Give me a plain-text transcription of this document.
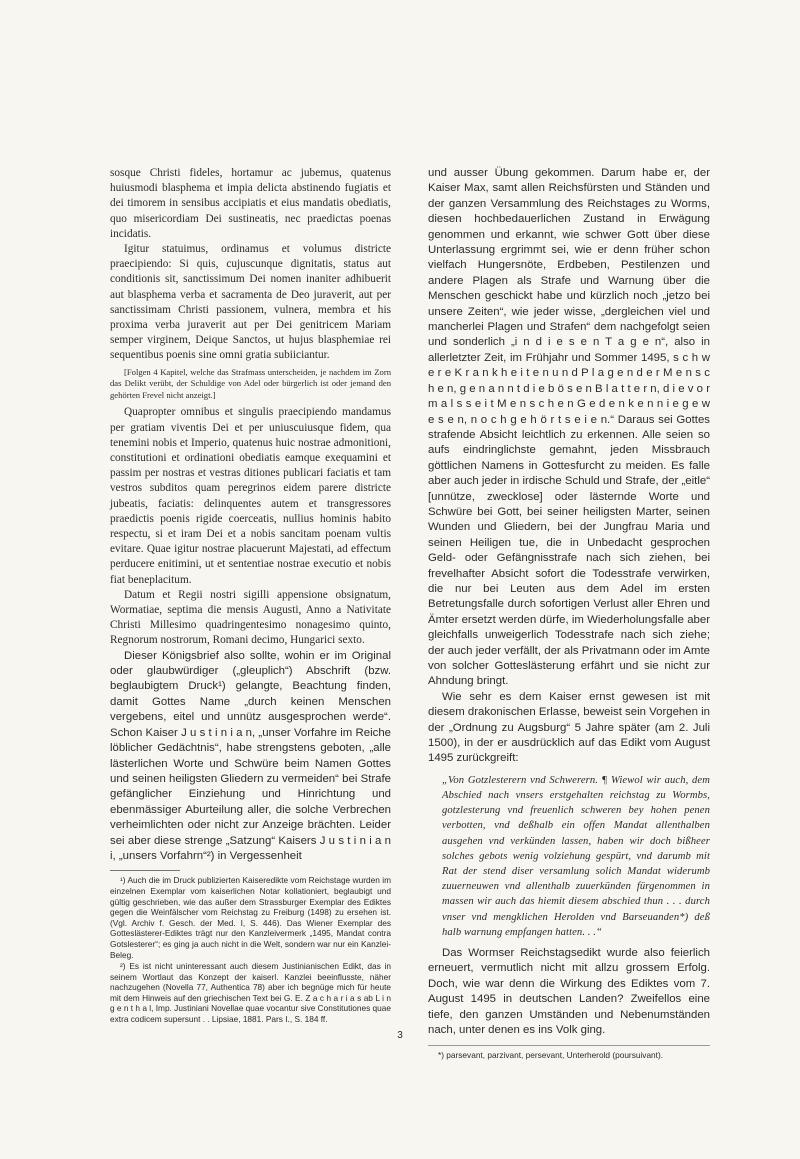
sosque Christi fideles, hortamur ac jubemus, quatenus huiusmodi blasphema et impia delicta abstinendo fugiatis et dei timorem in sensibus accipiatis et eius mandatis obediatis, quo misericordiam Dei sustineatis, nec praedictas poenas incidatis.

Igitur statuimus, ordinamus et volumus districte praecipiendo: Si quis, cujuscunque dignitatis, status aut conditionis sit, sanctissimum Dei nomen inaniter adhibuerit aut blasphema verba et sacramenta de Deo juraverit, aut per sanctissimam Christi passionem, vulnera, membra et his proxima verba juraverit aut per Dei genitricem Mariam semper virginem, Deique Sanctos, ut hujus blasphemiae rei sequentibus poenis sine omni gratia subiiciantur.

[Folgen 4 Kapitel, welche das Strafmass unterscheiden, je nachdem im Zorn das Delikt verübt, der Schuldige von Adel oder bürgerlich ist oder jemand den gehörten Frevel nicht anzeigt.]

Quapropter omnibus et singulis praecipiendo mandamus per gratiam viventis Dei et per uniuscuiusque fidem, qua tenemini nobis et Imperio, quatenus huic nostrae admonitioni, constitutioni et ordinationi obediatis eamque exequamini et passim per nostras et vestras ditiones publicari faciatis et tam vestros subditos quam peregrinos eidem parere districte jubeatis, faciatis: delinquentes autem et transgressores praedictis poenis rigide coerceatis, nullius hominis habito respectu, si et iram Dei et a nobis sancitam poenam vultis evitare. Quae igitur nostrae placuerunt Majestati, ad effectum perducere enitimini, ut et sententiae nostrae executio et nobis fiat beneplacitum.

Datum et Regii nostri sigilli appensione obsignatum, Wormatiae, septima die mensis Augusti, Anno a Nativitate Christi Millesimo quadringentesimo nonagesimo quinto, Regnorum nostrorum, Romani decimo, Hungarici sexto.

Dieser Königsbrief also sollte, wohin er im Original oder glaubwürdiger („gleuplich“) Abschrift (bzw. beglaubigtem Druck¹) gelangte, Beachtung finden, damit Gottes Name „durch keinen Menschen vergebens, eitel und unnütz ausgesprochen werde“. Schon Kaiser J u s t i n i a n, „unser Vorfahre im Reiche löblicher Gedächtnis“, habe strengstens geboten, „alle lästerlichen Worte und Schwüre beim Namen Gottes und seinen heiligsten Gliedern zu vermeiden“ bei Strafe gefänglicher Einziehung und Hinrichtung und ebenmässiger Aburteilung aller, die solche Verbrechen verheimlichten oder nicht zur Anzeige brächten. Leider sei aber diese strenge „Satzung“ Kaisers J u s t i n i a n i, „unsers Vorfahrn“²) in Vergessenheit

¹) Auch die im Druck publizierten Kaiseredikte vom Reichstage wurden im einzelnen Exemplar vom kaiserlichen Notar kollationiert, beglaubigt und gültig geschrieben, wie das außer dem Strassburger Exemplar des Ediktes gegen die Weinfälscher vom Reichstag zu Freiburg (1498) zu ersehen ist. (Vgl. Archiv f. Gesch. der Med. I, S. 446). Das Wiener Exemplar des Gotteslästerer-Ediktes trägt nur den Kanzleivermerk „1495, Mandat contra Gotslesterer“; es ging ja auch nicht in die Welt, sondern war nur ein Kanzlei-Beleg.

²) Es ist nicht uninteressant auch diesem Justinianischen Edikt, das in seinem Wortlaut das Konzept der kaiserl. Kanzlei beeinflusste, näher nachzugehen (Novella 77, Authentica 78) aber ich begnüge mich für heute mit dem Hinweis auf den griechischen Text bei G. E. Z a c h a r i a s ab L i n g e n t h a l, Imp. Justiniani Novellae quae vocantur sive Constitutiones quae extra codicem supersunt . . Lipsiae, 1881. Pars I., S. 184 ff.

und ausser Übung gekommen. Darum habe er, der Kaiser Max, samt allen Reichsfürsten und Ständen und der ganzen Versammlung des Reichstages zu Worms, diesen hochbedauerlichen Zustand in Erwägung genommen und erkannt, wie schwer Gott über diese Unterlassung ergrimmt sei, wie er denn früher schon vielfach Hungersnöte, Erdbeben, Pestilenzen und andere Plagen als Strafe und Warnung über die Menschen geschickt habe und kürzlich noch „jetzo bei unsere Zeiten“, wie jeder wisse, „dergleichen viel und mancherlei Plagen und Strafen“ dem nachgefolgt seien und sonderlich „i n d i e s e n T a g e n“, also in allerletzter Zeit, im Frühjahr und Sommer 1495, s c h w e r e K r a n k h e i t e n u n d P l a g e n d e r M e n s c h e n, g e n a n n t d i e b ö s e n B l a t t e r n, d i e v o r m a l s s e i t M e n s c h e n G e d e n k e n n i e g e w e s e n, n o c h g e h ö r t s e i e n.“ Daraus sei Gottes strafende Absicht leichtlich zu erkennen. Alle seien so aufs eindringlichste gemahnt, jeden Missbrauch göttlichen Namens in Gottesfurcht zu meiden. Es falle aber auch jeder in irdische Schuld und Strafe, der „eitle“ [unnütze, zwecklose] oder lästernde Worte und Schwüre bei Gott, bei seiner heiligsten Marter, seinen Wunden und Gliedern, bei der Jungfrau Maria und seinen Heiligen tue, die in Unbedacht gesprochen Geld- oder Gefängnisstrafe nach sich ziehen, bei frevelhafter Absicht sofort die Todesstrafe verwirken, die nur bei Leuten aus dem Adel im ersten Betretungsfalle durch sofortigen Verlust aller Ehren und Ämter ersetzt werden dürfe, im Wiederholungsfalle aber gleichfalls unweigerlich Todesstrafe nach sich ziehe; der auch jeder verfällt, der als Privatmann oder im Amte von solcher Gotteslästerung erfährt und sie nicht zur Ahndung bringt.

Wie sehr es dem Kaiser ernst gewesen ist mit diesem drakonischen Erlasse, beweist sein Vorgehen in der „Ordnung zu Augsburg“ 5 Jahre später (am 2. Juli 1500), in der er ausdrücklich auf das Edikt vom August 1495 zurückgreift:

„Von Gotzlesterern vnd Schwerern. ¶ Wiewol wir auch, dem Abschied nach vnsers erstgehalten reichstag zu Wormbs, gotzlesterung vnd freuenlich schweren bey hohen penen verbotten, vnd deßhalb ein offen Mandat allenthalben ausgehen vnd verkünden lassen, haben wir doch bißheer solches gebots wenig volziehung gespürt, vnd darumb mit Rat der stend diser versamlung solich Mandat widerumb zuuerneuwen vnd allenthalb zuuerkünden fürgenommen in massen wir auch das hiemit diesem abschied thun . . . durch vnser vnd mengklichen Herolden vnd Barseuanden*) deß halb warnung empfangen hatten. . .“

Das Wormser Reichstagsedikt wurde also feierlich erneuert, vermutlich nicht mit allzu grossem Erfolg. Doch, wie war denn die Wirkung des Ediktes vom 7. August 1495 in deutschen Landen? Zweifellos eine tiefe, den ganzen Umständen und Nebenumständen nach, unter denen es ins Volk ging.

*) parsevant, parzivant, persevant, Unterherold (poursuivant).

3
